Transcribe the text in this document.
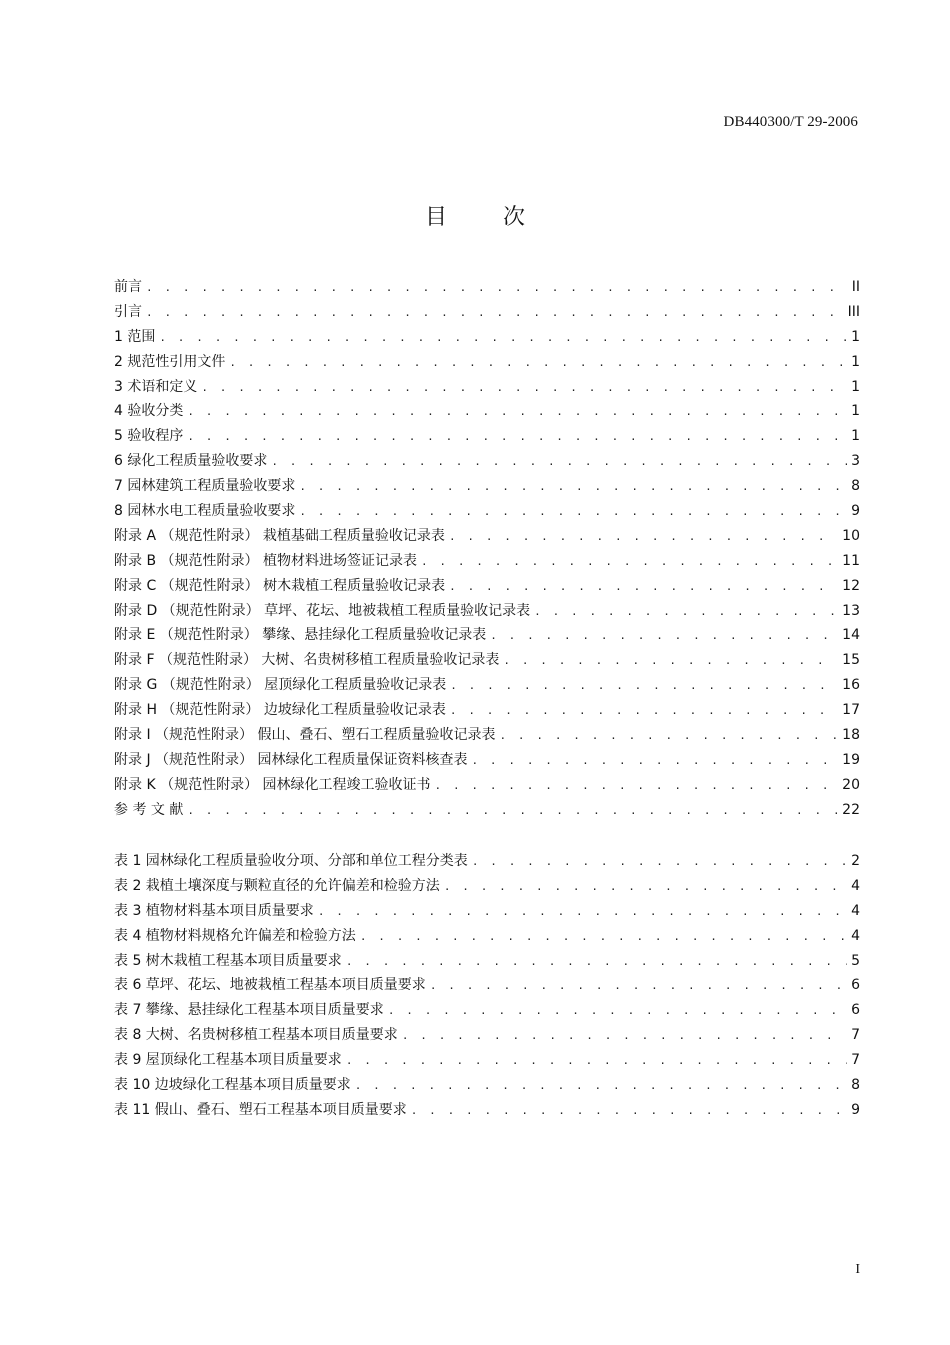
DB440300/T 29-2006
目次
前言 . . .	II
引言 . . .	III
1 范围 . . .	1
2 规范性引用文件 . . .	1
3 术语和定义 . . .	1
4 验收分类 . . .	1
5 验收程序 . . .	1
6 绿化工程质量验收要求 . . .	3
7 园林建筑工程质量验收要求 . . .	8
8 园林水电工程质量验收要求 . . .	9
附录 A （规范性附录） 栽植基础工程质量验收记录表 . . .	10
附录 B （规范性附录） 植物材料进场签证记录表 . . .	11
附录 C （规范性附录） 树木栽植工程质量验收记录表 . . .	12
附录 D （规范性附录） 草坪、花坛、地被栽植工程质量验收记录表 . . .	13
附录 E （规范性附录） 攀缘、悬挂绿化工程质量验收记录表 . . .	14
附录 F （规范性附录） 大树、名贵树移植工程质量验收记录表 . . .	15
附录 G （规范性附录） 屋顶绿化工程质量验收记录表 . . .	16
附录 H （规范性附录） 边坡绿化工程质量验收记录表 . . .	17
附录 I （规范性附录） 假山、叠石、塑石工程质量验收记录表 . . .	18
附录 J （规范性附录） 园林绿化工程质量保证资料核查表 . . .	19
附录 K （规范性附录） 园林绿化工程竣工验收证书 . . .	20
参 考 文 献 . . .	22
表 1 园林绿化工程质量验收分项、分部和单位工程分类表 . . .	2
表 2 栽植土壤深度与颗粒直径的允许偏差和检验方法 . . .	4
表 3 植物材料基本项目质量要求 . . .	4
表 4 植物材料规格允许偏差和检验方法 . . .	4
表 5 树木栽植工程基本项目质量要求 . . .	5
表 6 草坪、花坛、地被栽植工程基本项目质量要求 . . .	6
表 7 攀缘、悬挂绿化工程基本项目质量要求 . . .	6
表 8 大树、名贵树移植工程基本项目质量要求 . . .	7
表 9 屋顶绿化工程基本项目质量要求 . . .	7
表 10 边坡绿化工程基本项目质量要求 . . .	8
表 11 假山、叠石、塑石工程基本项目质量要求 . . .	9
I
